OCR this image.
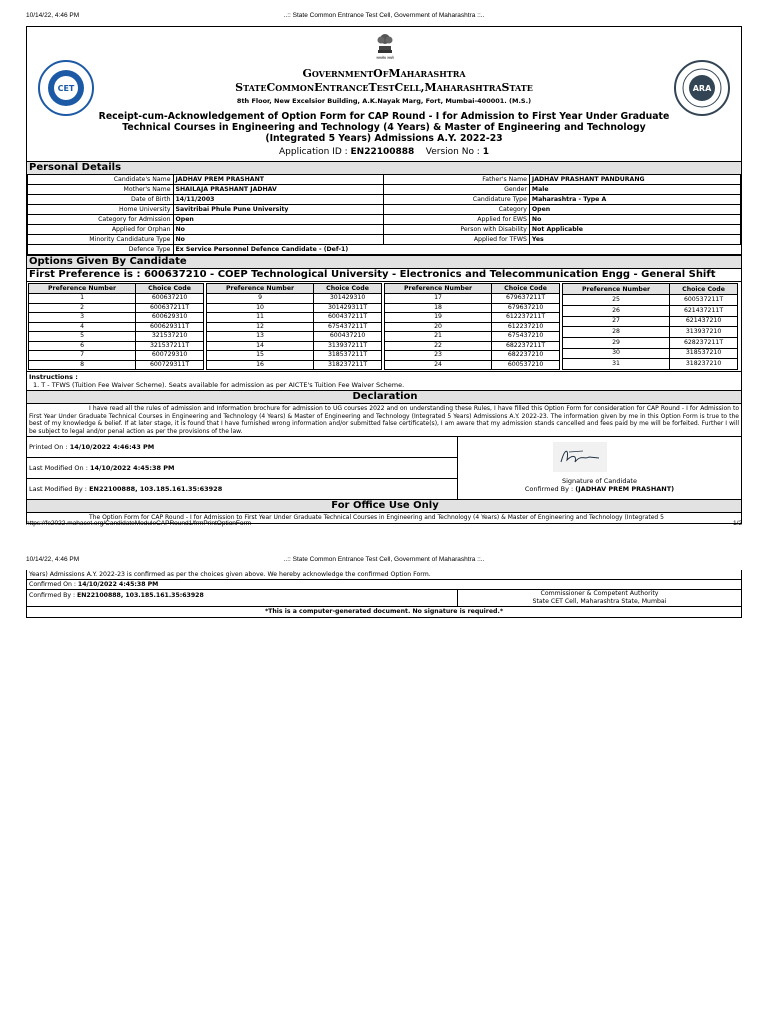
10/14/22, 4:46 PM	..:: State Common Entrance Test Cell, Government of Maharashtra ::..
सत्यमेव जयते
CET	ARA
GovernmentOfMaharashtra
StateCommonEntranceTestCell,MaharashtraState
8th Floor, New Excelsior Building, A.K.Nayak Marg, Fort, Mumbai-400001. (M.S.)
Receipt-cum-Acknowledgement of Option Form for CAP Round - I for Admission to First Year Under Graduate Technical Courses in Engineering and Technology (4 Years) & Master of Engineering and Technology (Integrated 5 Years) Admissions A.Y. 2022-23
Application ID : EN22100888 Version No : 1
Personal Details
Candidate's Name	JADHAV PREM PRASHANT	Father's Name	JADHAV PRASHANT PANDURANG
Mother's Name	SHAILAJA PRASHANT JADHAV	Gender	Male
Date of Birth	14/11/2003	Candidature Type	Maharashtra - Type A
Home University	Savitribai Phule Pune University	Category	Open
Category for Admission	Open	Applied for EWS	No
Applied for Orphan	No	Person with Disability	Not Applicable
Minority Candidature Type	No	Applied for TFWS	Yes
Defence Type	Ex Service Personnel Defence Candidate - (Def-1)		
Options Given By Candidate
First Preference is : 600637210 - COEP Technological University - Electronics and Telecommunication Engg - General Shift
Preference Number	Choice Code
1	600637210
2	600637211T
3	600629310
4	600629311T
5	321537210
6	321537211T
7	600729310
8	600729311T
Preference Number	Choice Code
9	301429310
10	301429311T
11	600437211T
12	675437211T
13	600437210
14	313937211T
15	318537211T
16	318237211T
Preference Number	Choice Code
17	679637211T
18	679637210
19	612237211T
20	612237210
21	675437210
22	682237211T
23	682237210
24	600537210
Preference Number	Choice Code
25	600537211T
26	621437211T
27	621437210
28	313937210
29	628237211T
30	318537210
31	318237210
Instructions :
1. T - TFWS (Tuition Fee Waiver Scheme). Seats available for admission as per AICTE's Tuition Fee Waiver Scheme.
Declaration
I have read all the rules of admission and Information brochure for admission to UG courses 2022 and on understanding these Rules, I have filled this Option Form for consideration for CAP Round - I for Admission to First Year Under Graduate Technical Courses in Engineering and Technology (4 Years) & Master of Engineering and Technology (Integrated 5 Years) Admissions A.Y. 2022-23. The information given by me in this Option Form is true to the best of my knowledge & belief. If at later stage, it is found that I have furnished wrong information and/or submitted false certificate(s), I am aware that my admission stands cancelled and fees paid by me will be forfeited. Further I will be subject to legal and/or penal action as per the provisions of the law.
Printed On : 14/10/2022 4:46:43 PM
Last Modified On : 14/10/2022 4:45:38 PM
Last Modified By : EN22100888, 103.185.161.35:63928
Signature of Candidate
Confirmed By : (JADHAV PREM PRASHANT)
For Office Use Only
The Option Form for CAP Round - I for Admission to First Year Under Graduate Technical Courses in Engineering and Technology (4 Years) & Master of Engineering and Technology (Integrated 5
https://fe2022.mahacet.org/CandidateModuleCAPRound1/frmPrintOptionForm	1/2
10/14/22, 4:46 PM	..:: State Common Entrance Test Cell, Government of Maharashtra ::..
Years) Admissions A.Y. 2022-23 is confirmed as per the choices given above. We hereby acknowledge the confirmed Option Form.
Confirmed On : 14/10/2022 4:45:38 PM
Confirmed By : EN22100888, 103.185.161.35:63928	Commissioner & Competent Authority
State CET Cell, Maharashtra State, Mumbai
*This is a computer-generated document. No signature is required.*
